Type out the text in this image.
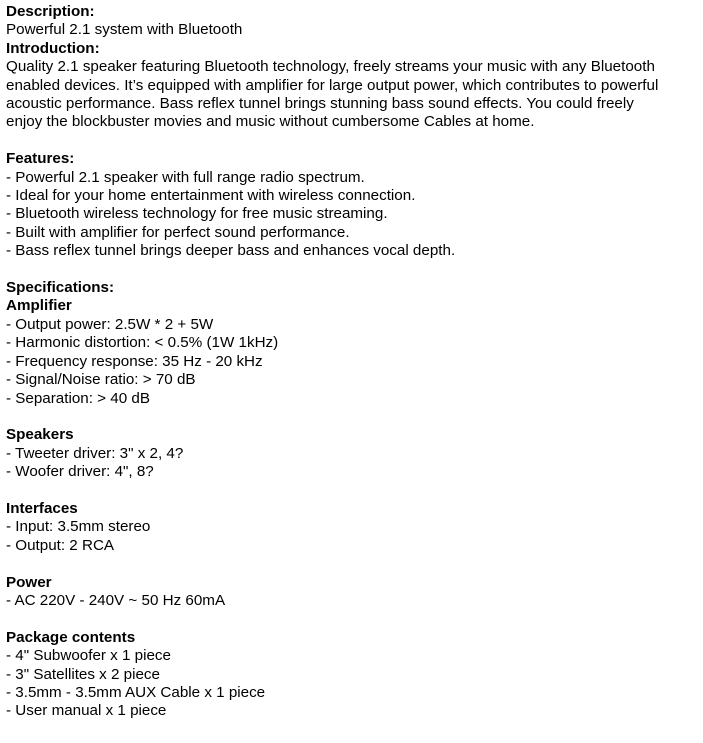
Description:
Powerful 2.1 system with Bluetooth
Introduction:
Quality 2.1 speaker featuring Bluetooth technology, freely streams your music with any Bluetooth
enabled devices. It’s equipped with amplifier for large output power, which contributes to powerful
acoustic performance. Bass reflex tunnel brings stunning bass sound effects. You could freely
enjoy the blockbuster movies and music without cumbersome Cables at home.
Features:
- Powerful 2.1 speaker with full range radio spectrum.
- Ideal for your home entertainment with wireless connection.
- Bluetooth wireless technology for free music streaming.
- Built with amplifier for perfect sound performance.
- Bass reflex tunnel brings deeper bass and enhances vocal depth.
Specifications:
Amplifier
- Output power: 2.5W * 2 + 5W
- Harmonic distortion: < 0.5% (1W 1kHz)
- Frequency response: 35 Hz - 20 kHz
- Signal/Noise ratio: > 70 dB
- Separation: > 40 dB
Speakers
- Tweeter driver: 3" x 2, 4?
- Woofer driver: 4", 8?
Interfaces
- Input: 3.5mm stereo
- Output: 2 RCA
Power
- AC 220V - 240V ~ 50 Hz 60mA
Package contents
- 4" Subwoofer x 1 piece
- 3" Satellites x 2 piece
- 3.5mm - 3.5mm AUX Cable x 1 piece
- User manual x 1 piece
